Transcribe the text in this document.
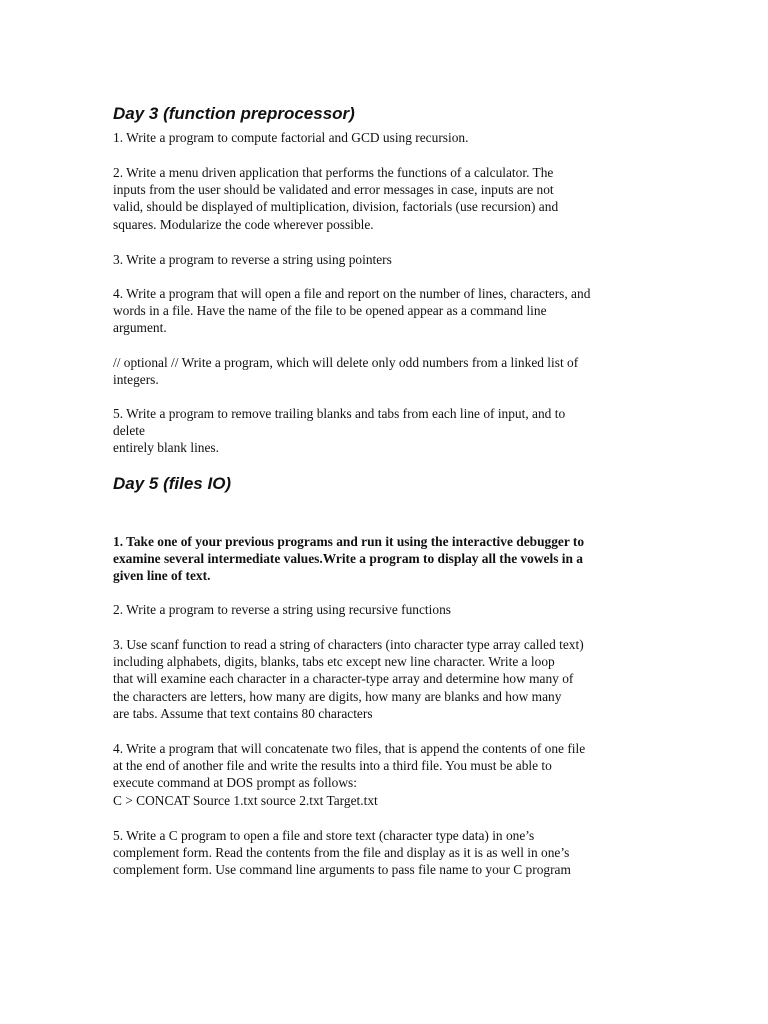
Day 3 (function preprocessor)
1. Write a program to compute factorial and GCD using recursion.
2. Write a menu driven application that performs the functions of a calculator. The
inputs from the user should be validated and error messages in case, inputs are not
valid, should be displayed of multiplication, division, factorials (use recursion) and
squares. Modularize the code wherever possible.
3. Write a program to reverse a string using pointers
4. Write a program that will open a file and report on the number of lines, characters, and
words in a file. Have the name of the file to be opened appear as a command line
argument.
// optional // Write a program, which will delete only odd numbers from a linked list of
integers.
5. Write a program to remove trailing blanks and tabs from each line of input, and to
delete
entirely blank lines.
Day 5 (files IO)
1. Take one of your previous programs and run it using the interactive debugger to
examine several intermediate values.Write a program to display all the vowels in a
given line of text.
2. Write a program to reverse a string using recursive functions
3. Use scanf function to read a string of characters (into character type array called text)
including alphabets, digits, blanks, tabs etc except new line character. Write a loop
that will examine each character in a character-type array and determine how many of
the characters are letters, how many are digits, how many are blanks and how many
are tabs. Assume that text contains 80 characters
4. Write a program that will concatenate two files, that is append the contents of one file
at the end of another file and write the results into a third file. You must be able to
execute command at DOS prompt as follows:
C > CONCAT Source 1.txt source 2.txt Target.txt
5. Write a C program to open a file and store text (character type data) in one’s
complement form. Read the contents from the file and display as it is as well in one’s
complement form. Use command line arguments to pass file name to your C program
